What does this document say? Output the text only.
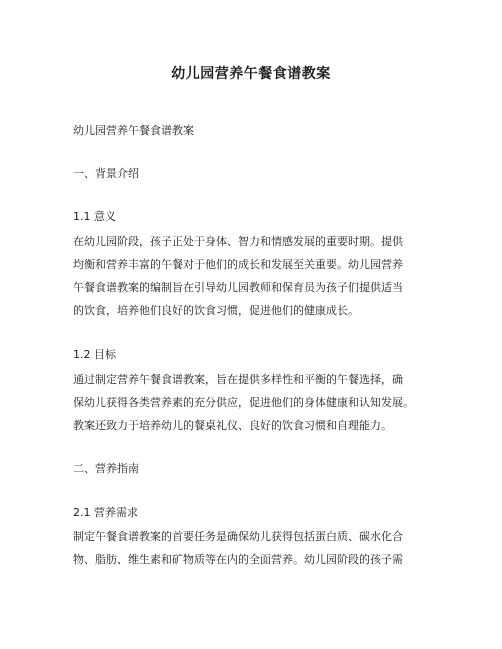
幼儿园营养午餐食谱教案
幼儿园营养午餐食谱教案
一、背景介绍
1.1 意义
在幼儿园阶段，孩子正处于身体、智力和情感发展的重要时期。提供
均衡和营养丰富的午餐对于他们的成长和发展至关重要。幼儿园营养
午餐食谱教案的编制旨在引导幼儿园教师和保育员为孩子们提供适当
的饮食，培养他们良好的饮食习惯，促进他们的健康成长。
1.2 目标
通过制定营养午餐食谱教案，旨在提供多样性和平衡的午餐选择，确
保幼儿获得各类营养素的充分供应，促进他们的身体健康和认知发展。
教案还致力于培养幼儿的餐桌礼仪、良好的饮食习惯和自理能力。
二、营养指南
2.1 营养需求
制定午餐食谱教案的首要任务是确保幼儿获得包括蛋白质、碳水化合
物、脂肪、维生素和矿物质等在内的全面营养。幼儿园阶段的孩子需
